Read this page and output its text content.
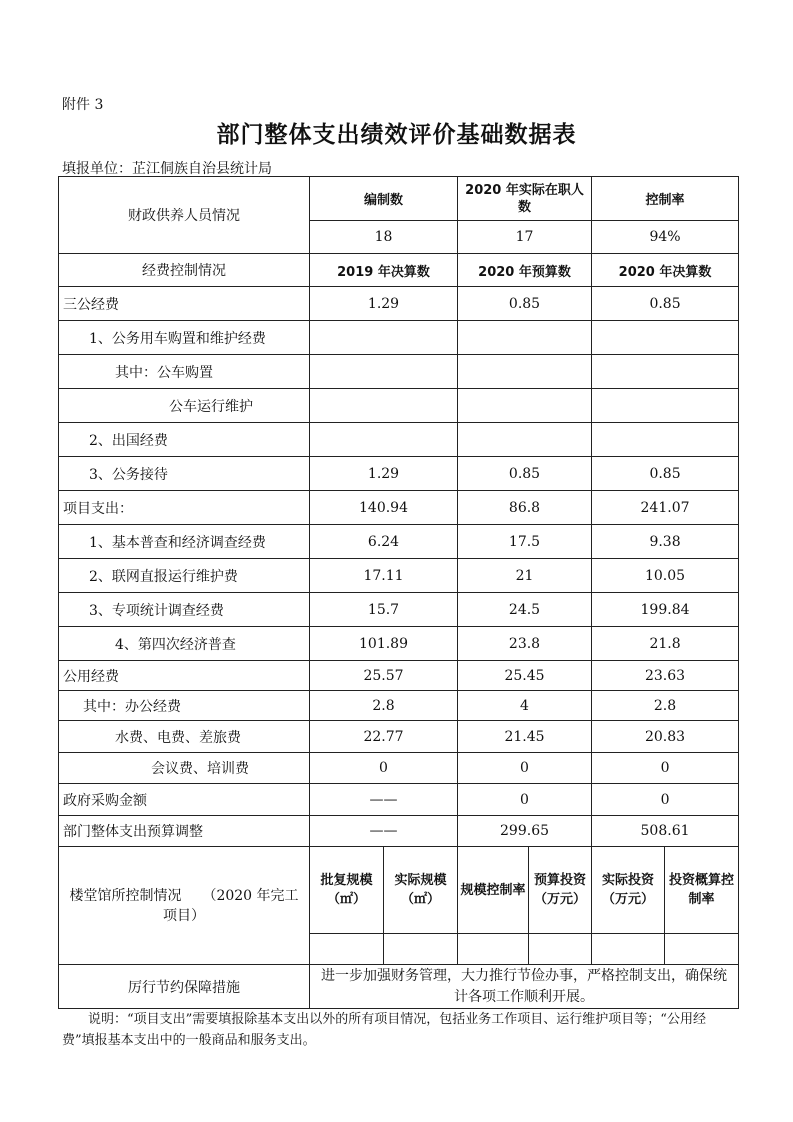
附件 3
部门整体支出绩效评价基础数据表
填报单位：芷江侗族自治县统计局
财政供养人员情况	编制数		2020 年实际在职人数		控制率	
	18		17		94%	
经费控制情况	2019 年决算数		2020 年预算数		2020 年决算数	
三公经费	1.29		0.85		0.85	
1、公务用车购置和维护经费						
其中：公车购置						
公车运行维护						
2、出国经费						
3、公务接待	1.29		0.85		0.85	
项目支出：	140.94		86.8		241.07	
1、基本普查和经济调查经费	6.24		17.5		9.38	
2、联网直报运行维护费	17.11		21		10.05	
3、专项统计调查经费	15.7		24.5		199.84	
4、第四次经济普查	101.89		23.8		21.8	
公用经费	25.57		25.45		23.63	
其中：办公经费	2.8		4		2.8	
水费、电费、差旅费	22.77		21.45		20.83	
会议费、培训费	0		0		0	
政府采购金额	——		0		0	
部门整体支出预算调整	——		299.65		508.61	
楼堂馆所控制情况　　（2020 年完工项目）	批复规模（㎡）	实际规模（㎡）	规模控制率	预算投资（万元）	实际投资（万元）	投资概算控制率

厉行节约保障措施	进一步加强财务管理，大力推行节俭办事，严格控制支出，确保统计各项工作顺利开展。					
说明：“项目支出”需要填报除基本支出以外的所有项目情况，包括业务工作项目、运行维护项目等；“公用经费”填报基本支出中的一般商品和服务支出。
